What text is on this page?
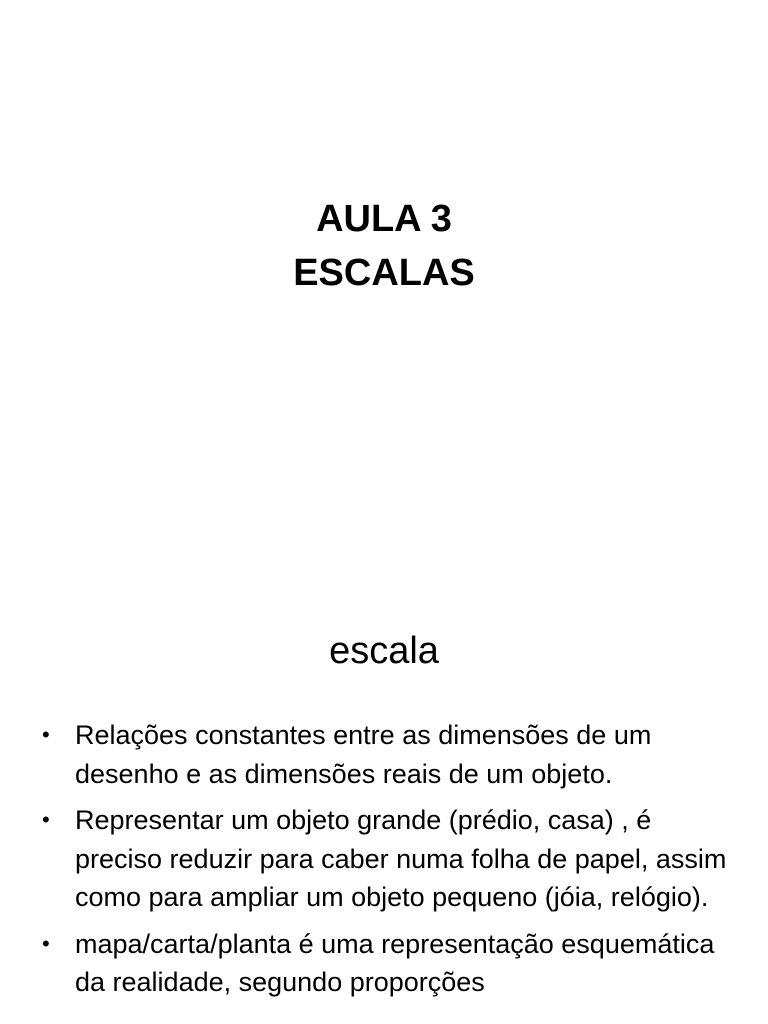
AULA 3
ESCALAS
escala
• Relações constantes entre as dimensões de um desenho e as dimensões reais de um objeto.
• Representar um objeto grande (prédio, casa) , é preciso reduzir para caber numa folha de papel, assim como para ampliar um objeto pequeno (jóia, relógio).
• mapa/carta/planta é uma representação esquemática da realidade, segundo proporções
